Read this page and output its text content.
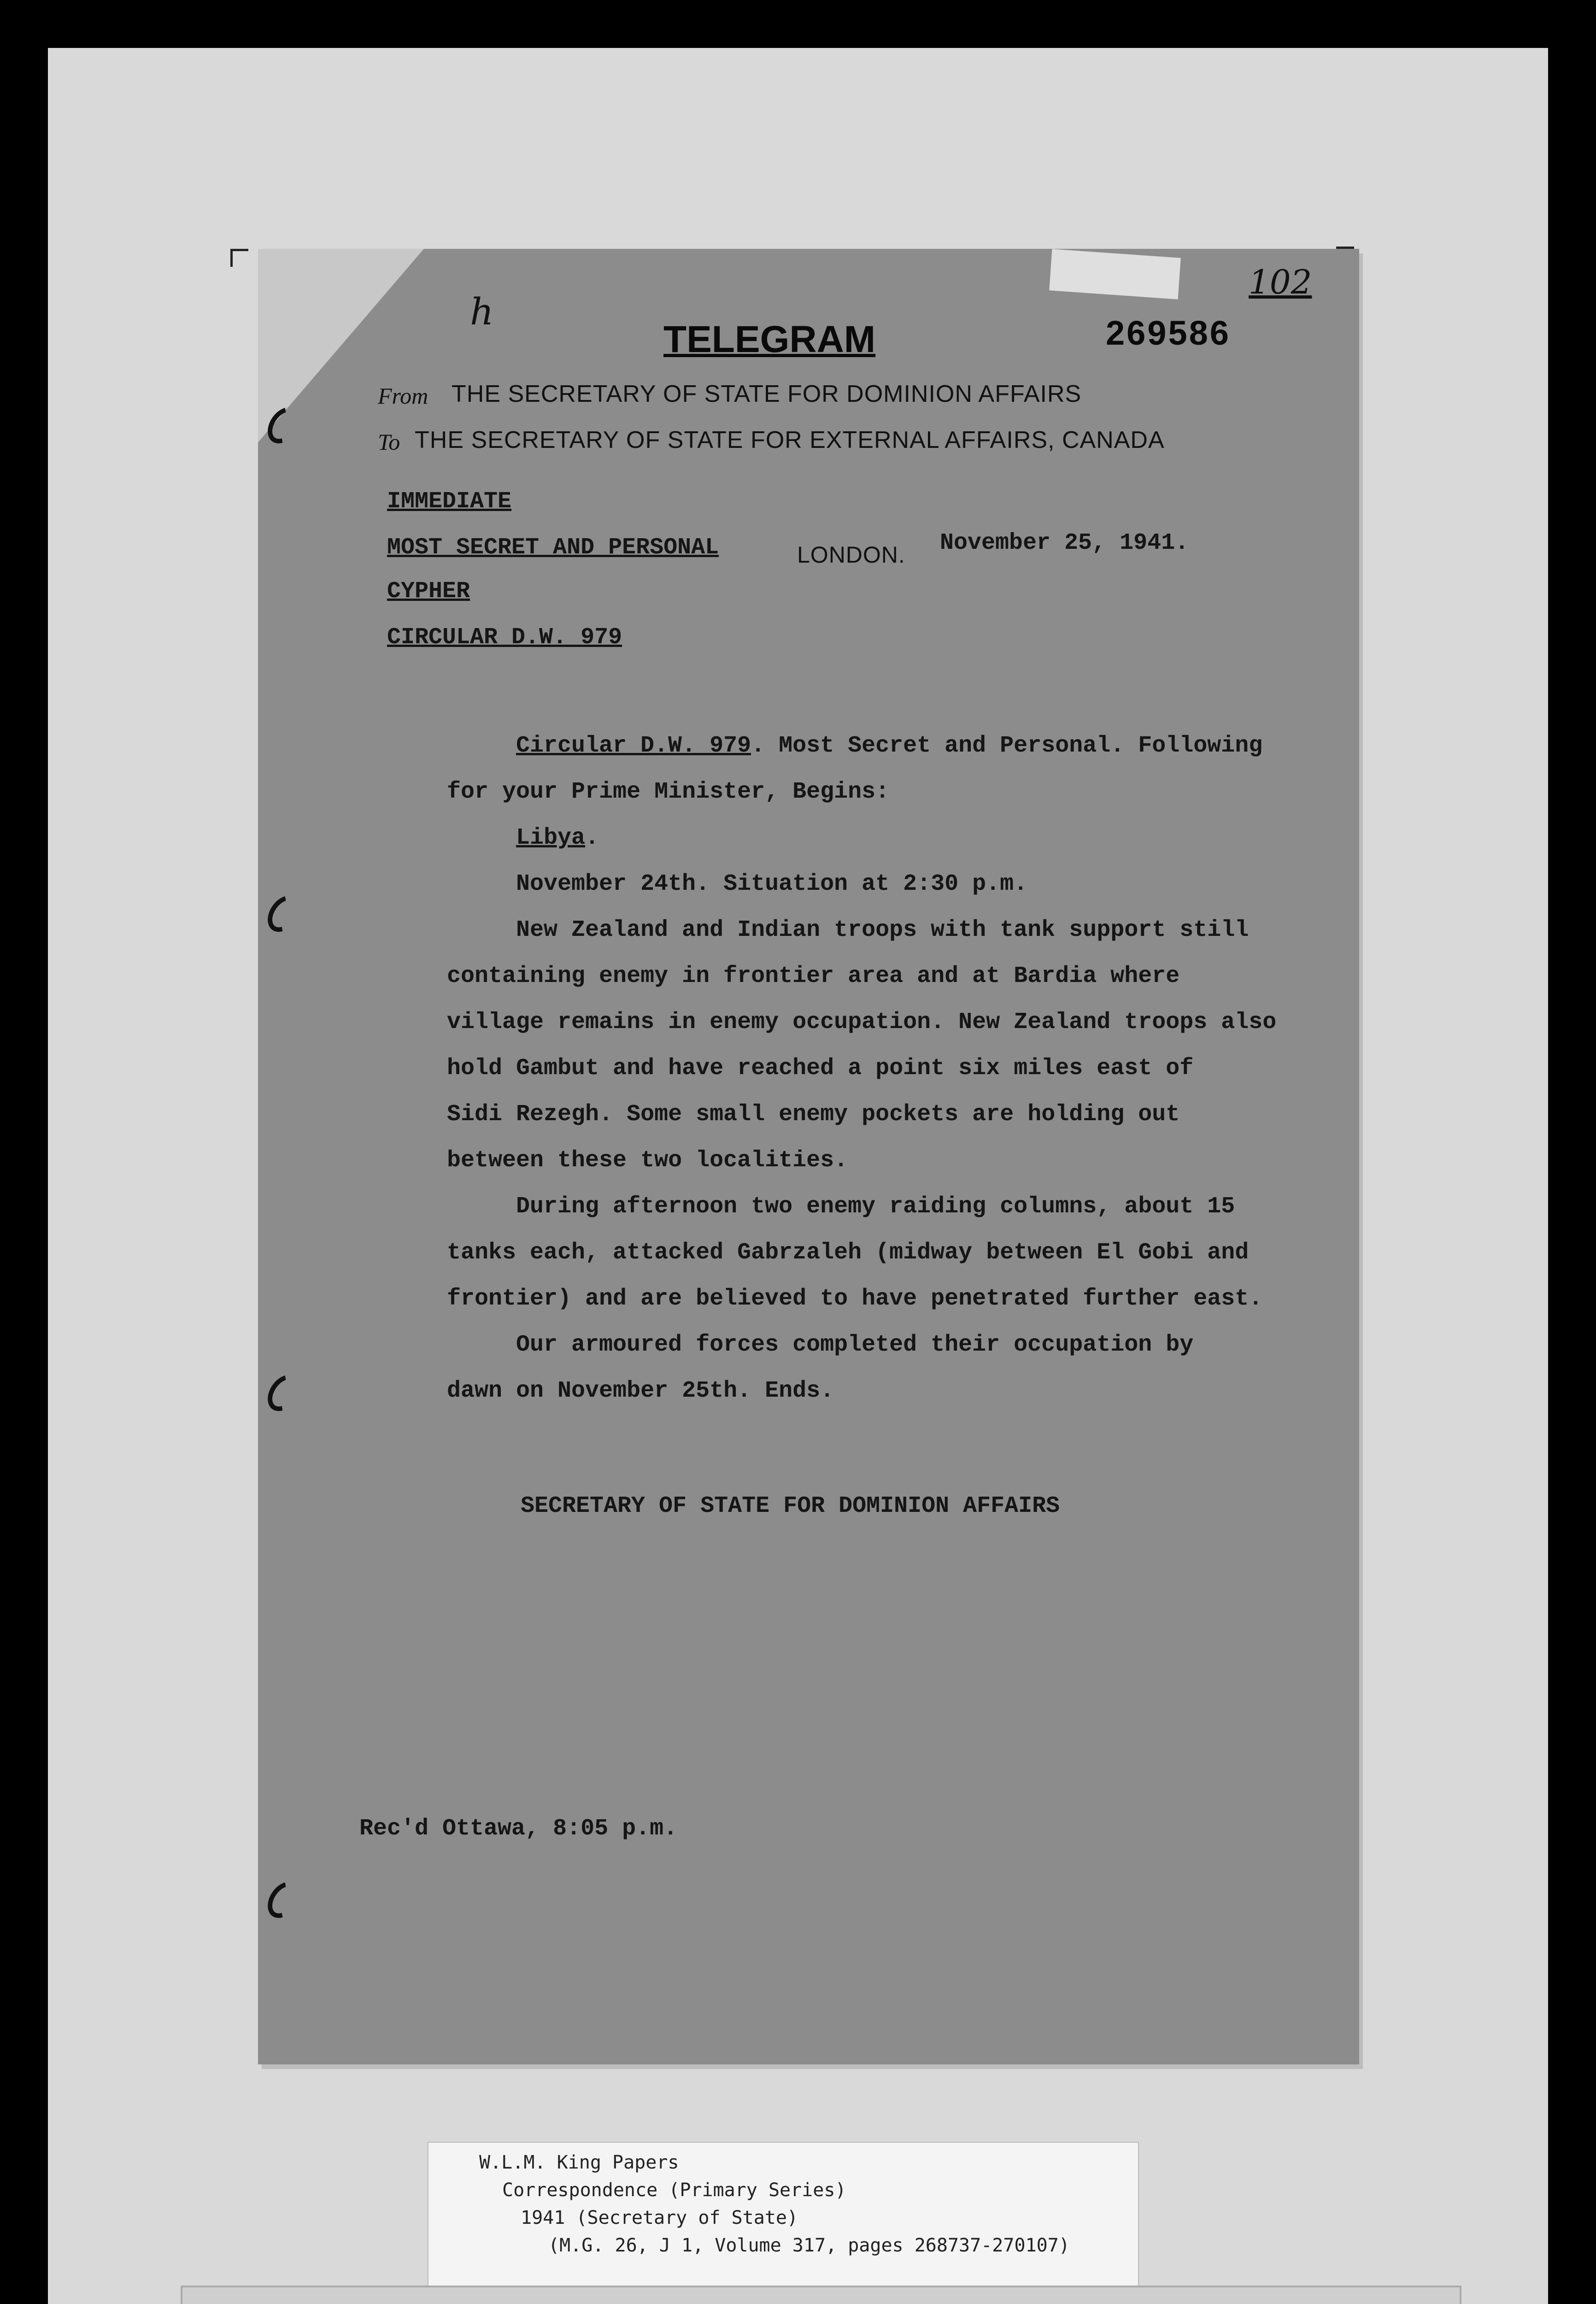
h
102
TELEGRAM	269586
From THE SECRETARY OF STATE FOR DOMINION AFFAIRS
To THE SECRETARY OF STATE FOR EXTERNAL AFFAIRS, CANADA
IMMEDIATE
MOST SECRET AND PERSONAL	LONDON. November 25, 1941.
CYPHER
CIRCULAR D.W. 979
Circular D.W. 979. Most Secret and Personal. Following
for your Prime Minister, Begins:
Libya.
November 24th. Situation at 2:30 p.m.
New Zealand and Indian troops with tank support still
containing enemy in frontier area and at Bardia where
village remains in enemy occupation. New Zealand troops also
hold Gambut and have reached a point six miles east of
Sidi Rezegh. Some small enemy pockets are holding out
between these two localities.
During afternoon two enemy raiding columns, about 15
tanks each, attacked Gabrzaleh (midway between El Gobi and
frontier) and are believed to have penetrated further east.
Our armoured forces completed their occupation by
dawn on November 25th. Ends.
SECRETARY OF STATE FOR DOMINION AFFAIRS
Rec'd Ottawa, 8:05 p.m.
W.L.M. King Papers
Correspondence (Primary Series)
1941 (Secretary of State)
(M.G. 26, J 1, Volume 317, pages 268737-270107)
